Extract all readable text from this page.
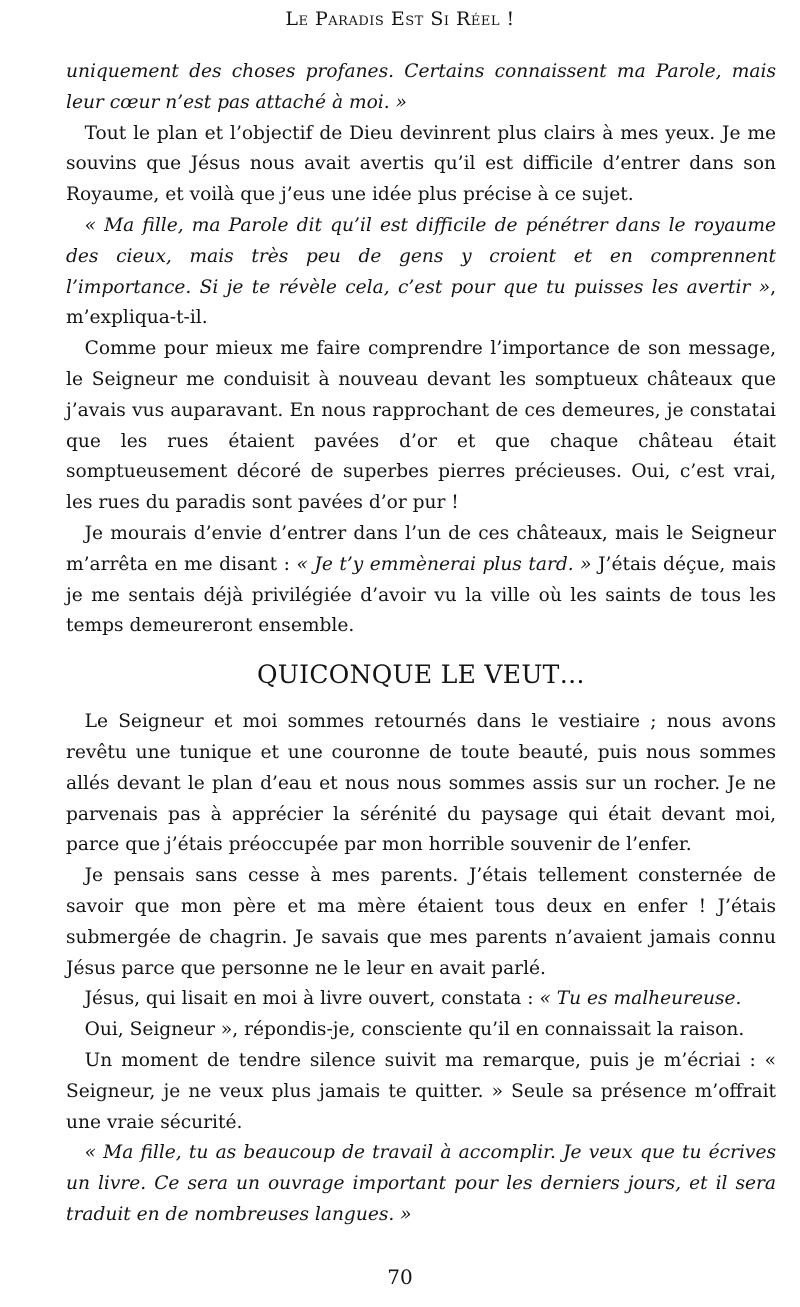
Le Paradis Est Si Réel !

uniquement des choses profanes. Certains connaissent ma Parole, mais leur cœur n’est pas attaché à moi. »

 Tout le plan et l’objectif de Dieu devinrent plus clairs à mes yeux. Je me souvins que Jésus nous avait avertis qu’il est difficile d’entrer dans son Royaume, et voilà que j’eus une idée plus précise à ce sujet.

 « Ma fille, ma Parole dit qu’il est difficile de pénétrer dans le royaume des cieux, mais très peu de gens y croient et en comprennent l’importance. Si je te révèle cela, c’est pour que tu puisses les avertir », m’expliqua-t-il.

 Comme pour mieux me faire comprendre l’importance de son message, le Seigneur me conduisit à nouveau devant les somptueux châteaux que j’avais vus auparavant. En nous rapprochant de ces demeures, je constatai que les rues étaient pavées d’or et que chaque château était somptueusement décoré de superbes pierres précieuses. Oui, c’est vrai, les rues du paradis sont pavées d’or pur !

 Je mourais d’envie d’entrer dans l’un de ces châteaux, mais le Seigneur m’arrêta en me disant : « Je t’y emmènerai plus tard. » J’étais déçue, mais je me sentais déjà privilégiée d’avoir vu la ville où les saints de tous les temps demeureront ensemble.

QUICONQUE LE VEUT…

 Le Seigneur et moi sommes retournés dans le vestiaire ; nous avons revêtu une tunique et une couronne de toute beauté, puis nous sommes allés devant le plan d’eau et nous nous sommes assis sur un rocher. Je ne parvenais pas à apprécier la sérénité du paysage qui était devant moi, parce que j’étais préoccupée par mon horrible souvenir de l’enfer.

 Je pensais sans cesse à mes parents. J’étais tellement consternée de savoir que mon père et ma mère étaient tous deux en enfer ! J’étais submergée de chagrin. Je savais que mes parents n’avaient jamais connu Jésus parce que personne ne le leur en avait parlé.

 Jésus, qui lisait en moi à livre ouvert, constata : « Tu es malheureuse.

 Oui, Seigneur », répondis-je, consciente qu’il en connaissait la raison.

 Un moment de tendre silence suivit ma remarque, puis je m’écriai : « Seigneur, je ne veux plus jamais te quitter. » Seule sa présence m’offrait une vraie sécurité.

 « Ma fille, tu as beaucoup de travail à accomplir. Je veux que tu écrives un livre. Ce sera un ouvrage important pour les derniers jours, et il sera traduit en de nombreuses langues. »

70
